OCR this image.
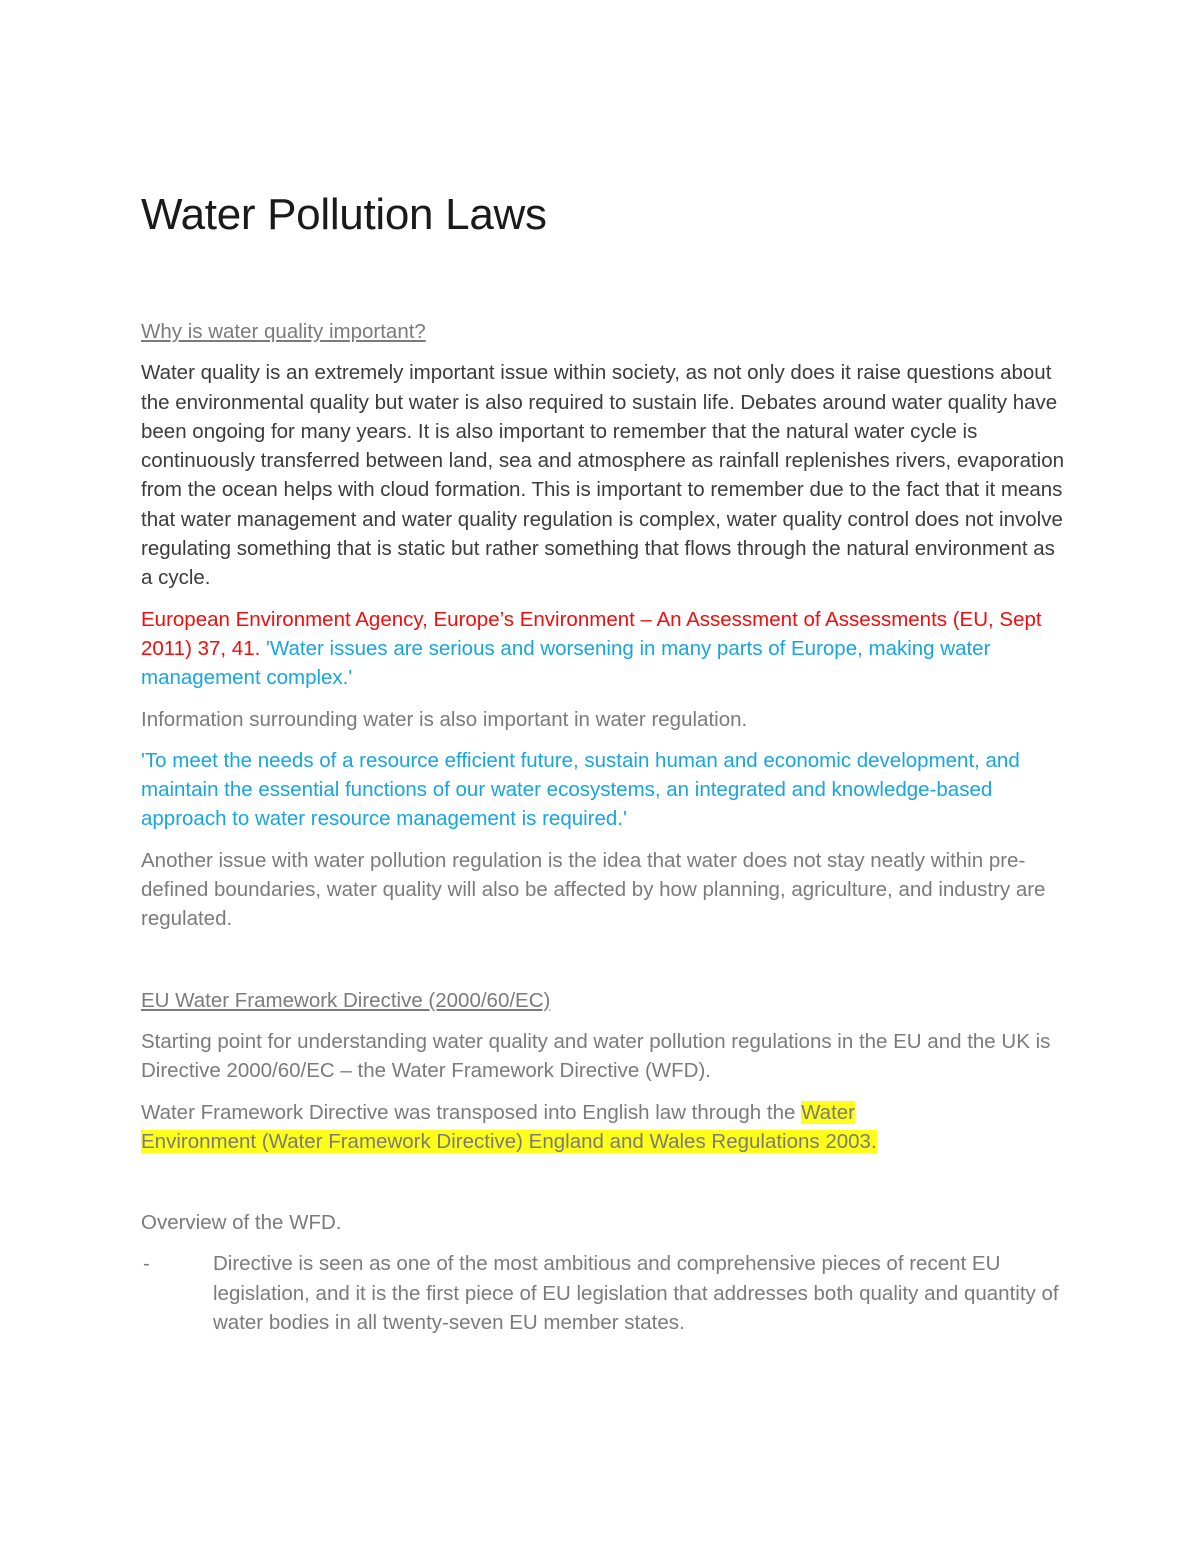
Water Pollution Laws

Why is water quality important?

Water quality is an extremely important issue within society, as not only does it raise questions about the environmental quality but water is also required to sustain life. Debates around water quality have been ongoing for many years. It is also important to remember that the natural water cycle is continuously transferred between land, sea and atmosphere as rainfall replenishes rivers, evaporation from the ocean helps with cloud formation. This is important to remember due to the fact that it means that water management and water quality regulation is complex, water quality control does not involve regulating something that is static but rather something that flows through the natural environment as a cycle.

European Environment Agency, Europe’s Environment – An Assessment of Assessments (EU, Sept 2011) 37, 41. 'Water issues are serious and worsening in many parts of Europe, making water management complex.'

Information surrounding water is also important in water regulation.

'To meet the needs of a resource efficient future, sustain human and economic development, and maintain the essential functions of our water ecosystems, an integrated and knowledge-based approach to water resource management is required.'

Another issue with water pollution regulation is the idea that water does not stay neatly within pre-defined boundaries, water quality will also be affected by how planning, agriculture, and industry are regulated.

EU Water Framework Directive (2000/60/EC)

Starting point for understanding water quality and water pollution regulations in the EU and the UK is Directive 2000/60/EC – the Water Framework Directive (WFD).

Water Framework Directive was transposed into English law through the Water
Environment (Water Framework Directive) England and Wales Regulations 2003.

Overview of the WFD.

-	Directive is seen as one of the most ambitious and comprehensive pieces of recent EU legislation, and it is the first piece of EU legislation that addresses both quality and quantity of water bodies in all twenty-seven EU member states.
